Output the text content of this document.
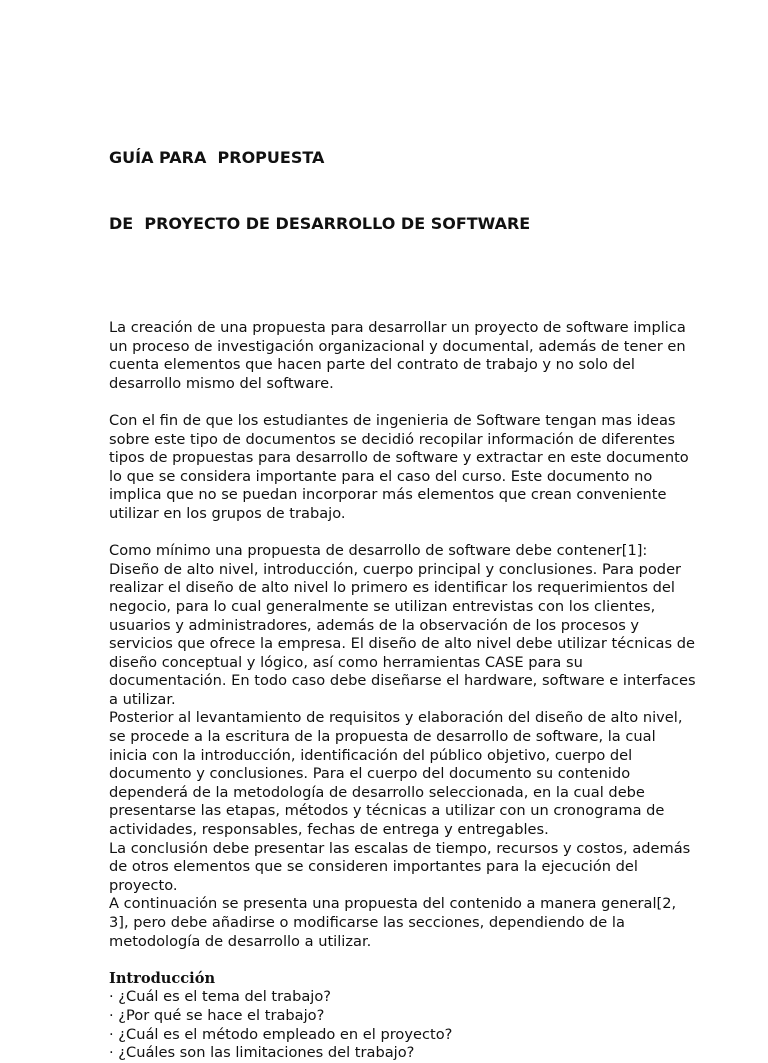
GUÍA PARA  PROPUESTA

DE  PROYECTO DE DESARROLLO DE SOFTWARE

La creación de una propuesta para desarrollar un proyecto de software implica
un proceso de investigación organizacional y documental, además de tener en
cuenta elementos que hacen parte del contrato de trabajo y no solo del
desarrollo mismo del software.

Con el fin de que los estudiantes de ingenieria de Software tengan mas ideas
sobre este tipo de documentos se decidió recopilar información de diferentes
tipos de propuestas para desarrollo de software y extractar en este documento
lo que se considera importante para el caso del curso. Este documento no
implica que no se puedan incorporar más elementos que crean conveniente
utilizar en los grupos de trabajo.

Como mínimo una propuesta de desarrollo de software debe contener[1]:
Diseño de alto nivel, introducción, cuerpo principal y conclusiones. Para poder
realizar el diseño de alto nivel lo primero es identificar los requerimientos del
negocio, para lo cual generalmente se utilizan entrevistas con los clientes,
usuarios y administradores, además de la observación de los procesos y
servicios que ofrece la empresa. El diseño de alto nivel debe utilizar técnicas de
diseño conceptual y lógico, así como herramientas CASE para su
documentación. En todo caso debe diseñarse el hardware, software e interfaces
a utilizar.
Posterior al levantamiento de requisitos y elaboración del diseño de alto nivel,
se procede a la escritura de la propuesta de desarrollo de software, la cual
inicia con la introducción, identificación del público objetivo, cuerpo del
documento y conclusiones. Para el cuerpo del documento su contenido
dependerá de la metodología de desarrollo seleccionada, en la cual debe
presentarse las etapas, métodos y técnicas a utilizar con un cronograma de
actividades, responsables, fechas de entrega y entregables.
La conclusión debe presentar las escalas de tiempo, recursos y costos, además
de otros elementos que se consideren importantes para la ejecución del
proyecto.
A continuación se presenta una propuesta del contenido a manera general[2,
3], pero debe añadirse o modificarse las secciones, dependiendo de la
metodología de desarrollo a utilizar.

Introducción
· ¿Cuál es el tema del trabajo?
· ¿Por qué se hace el trabajo?
· ¿Cuál es el método empleado en el proyecto?
· ¿Cuáles son las limitaciones del trabajo?
